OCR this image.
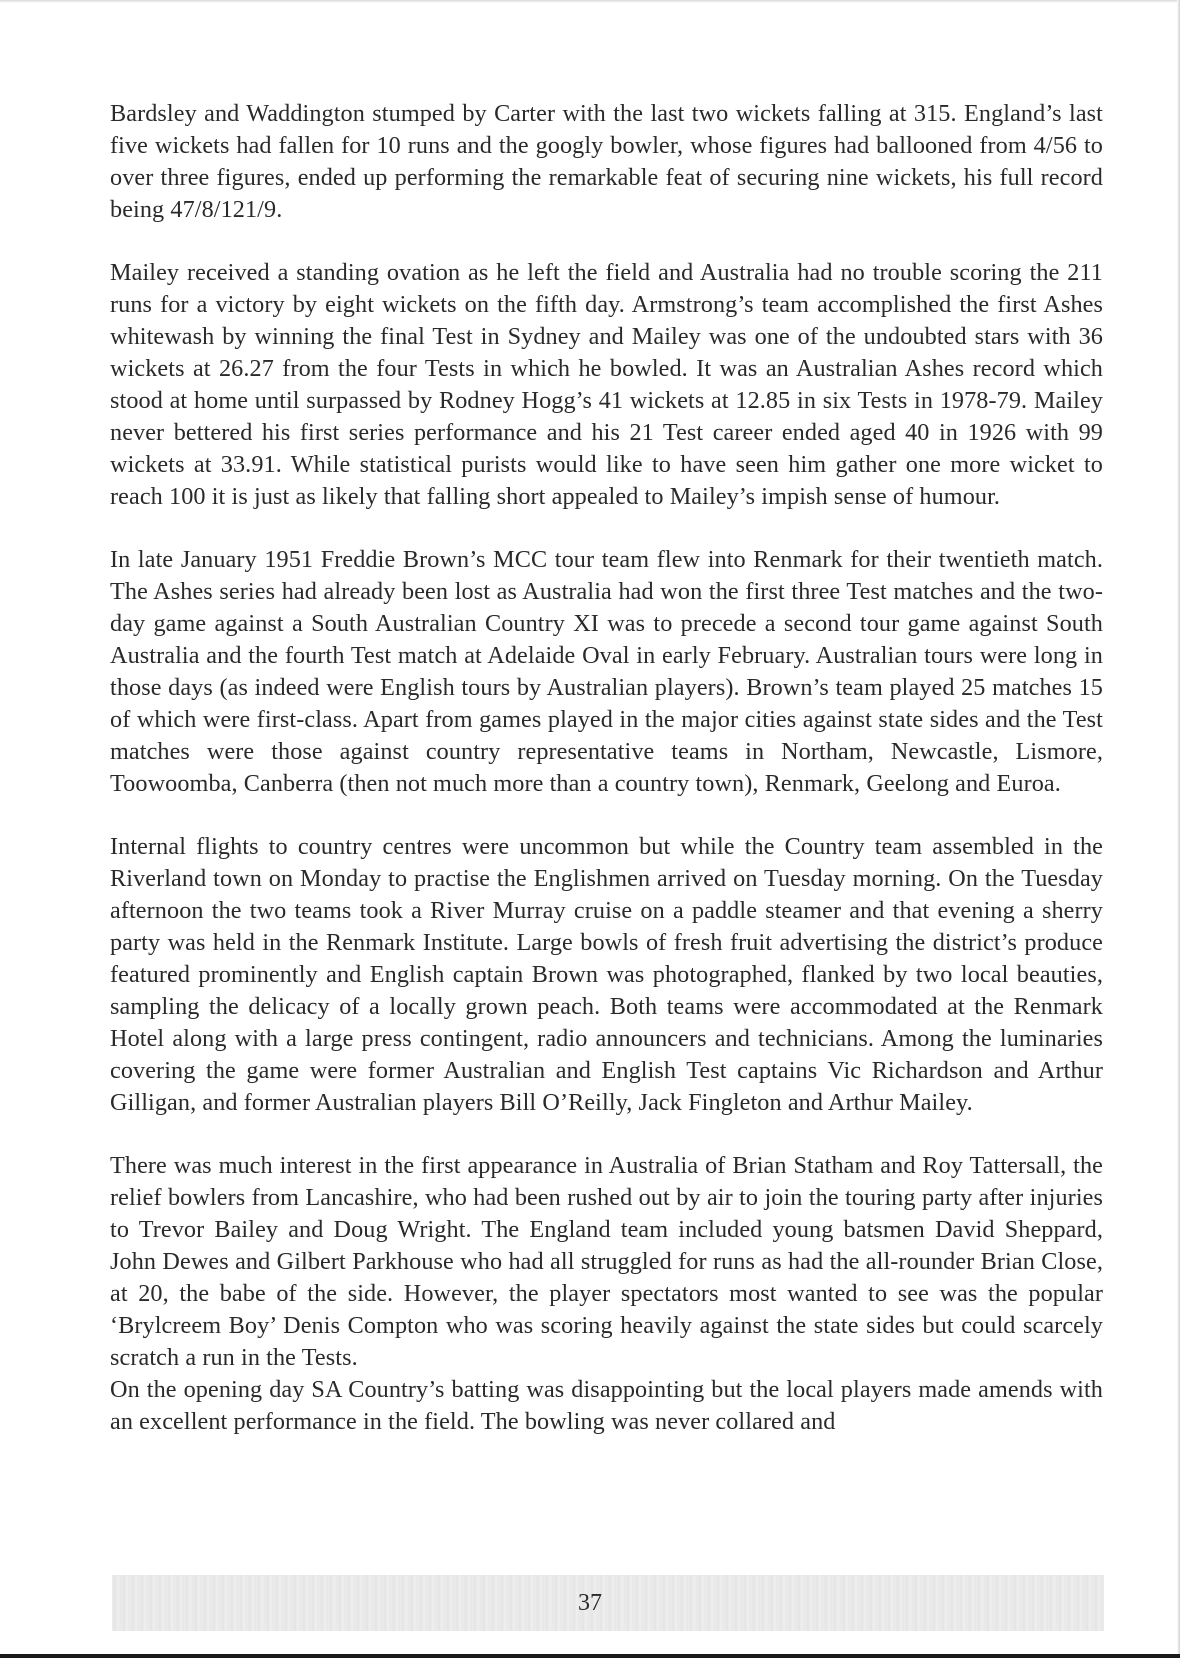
Bardsley and Waddington stumped by Carter with the last two wickets falling at 315. England’s last five wickets had fallen for 10 runs and the googly bowler, whose figures had ballooned from 4/56 to over three figures, ended up performing the remarkable feat of securing nine wickets, his full record being 47/8/121/9.

Mailey received a standing ovation as he left the field and Australia had no trouble scoring the 211 runs for a victory by eight wickets on the fifth day. Armstrong’s team accomplished the first Ashes whitewash by winning the final Test in Sydney and Mailey was one of the undoubted stars with 36 wickets at 26.27 from the four Tests in which he bowled. It was an Australian Ashes record which stood at home until surpassed by Rodney Hogg’s 41 wickets at 12.85 in six Tests in 1978-79. Mailey never bettered his first series performance and his 21 Test career ended aged 40 in 1926 with 99 wickets at 33.91. While statistical purists would like to have seen him gather one more wicket to reach 100 it is just as likely that falling short appealed to Mailey’s impish sense of humour.

In late January 1951 Freddie Brown’s MCC tour team flew into Renmark for their twentieth match. The Ashes series had already been lost as Australia had won the first three Test matches and the two-day game against a South Australian Country XI was to precede a second tour game against South Australia and the fourth Test match at Adelaide Oval in early February. Australian tours were long in those days (as indeed were English tours by Australian players). Brown’s team played 25 matches 15 of which were first-class. Apart from games played in the major cities against state sides and the Test matches were those against country representative teams in Northam, Newcastle, Lismore, Toowoomba, Canberra (then not much more than a country town), Renmark, Geelong and Euroa.

Internal flights to country centres were uncommon but while the Country team assembled in the Riverland town on Monday to practise the Englishmen arrived on Tuesday morning. On the Tuesday afternoon the two teams took a River Murray cruise on a paddle steamer and that evening a sherry party was held in the Renmark Institute. Large bowls of fresh fruit advertising the district’s produce featured prominently and English captain Brown was photographed, flanked by two local beauties, sampling the delicacy of a locally grown peach. Both teams were accommodated at the Renmark Hotel along with a large press contingent, radio announcers and technicians. Among the luminaries covering the game were former Australian and English Test captains Vic Richardson and Arthur Gilligan, and former Australian players Bill O’Reilly, Jack Fingleton and Arthur Mailey.

There was much interest in the first appearance in Australia of Brian Statham and Roy Tattersall, the relief bowlers from Lancashire, who had been rushed out by air to join the touring party after injuries to Trevor Bailey and Doug Wright. The England team included young batsmen David Sheppard, John Dewes and Gilbert Parkhouse who had all struggled for runs as had the all-rounder Brian Close, at 20, the babe of the side. However, the player spectators most wanted to see was the popular ‘Brylcreem Boy’ Denis Compton who was scoring heavily against the state sides but could scarcely scratch a run in the Tests.

On the opening day SA Country’s batting was disappointing but the local players made amends with an excellent performance in the field. The bowling was never collared and

37
